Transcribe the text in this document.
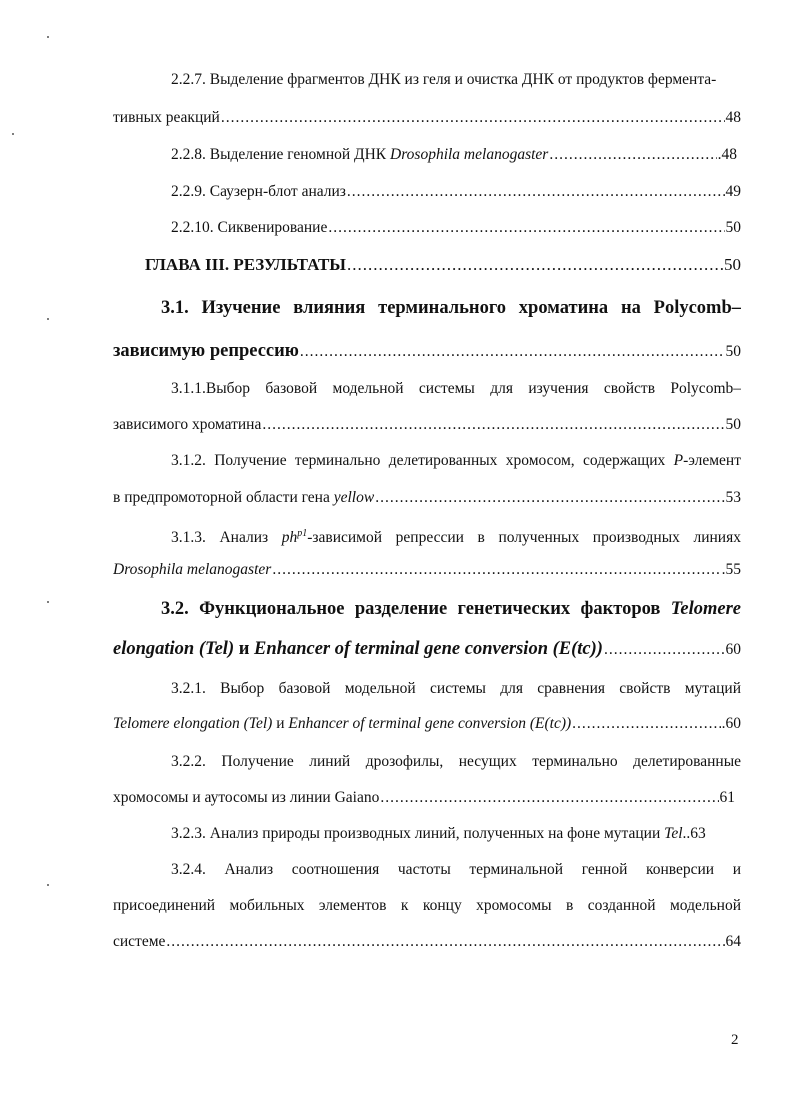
2.2.7. Выделение фрагментов ДНК из геля и очистка ДНК от продуктов фермента-
тивных реакций .....	48
2.2.8. Выделение геномной ДНК Drosophila melanogaster .....	.48
2.2.9. Саузерн-блот анализ .....	49
2.2.10. Сиквенирование .....	50
ГЛАВА III. РЕЗУЛЬТАТЫ .....	50
3.1. Изучение влияния терминального хроматина на Polycomb–
зависимую репрессию .....	50
3.1.1.Выбор базовой модельной системы для изучения свойств Polycomb–
зависимого хроматина .....	50
3.1.2. Получение терминально делетированных хромосом, содержащих P-элемент
в предпромоторной области гена yellow .....	53
3.1.3. Анализ $ph^{p1}$-зависимой репрессии в полученных производных линиях
Drosophila melanogaster .....	.55
3.2. Функциональное разделение генетических факторов Telomere
elongation (Tel) и Enhancer of terminal gene conversion (E(tc)) .....	60
3.2.1. Выбор базовой модельной системы для сравнения свойств мутаций
Telomere elongation (Tel) и Enhancer of terminal gene conversion (E(tc)) .....	.60
3.2.2. Получение линий дрозофилы, несущих терминально делетированные
хромосомы и аутосомы из линии Gaiano .....	61
3.2.3. Анализ природы производных линий, полученных на фоне мутации Tel..63
3.2.4. Анализ соотношения частоты терминальной генной конверсии и
присоединений мобильных элементов к концу хромосомы в созданной модельной
системе .....	64
2
